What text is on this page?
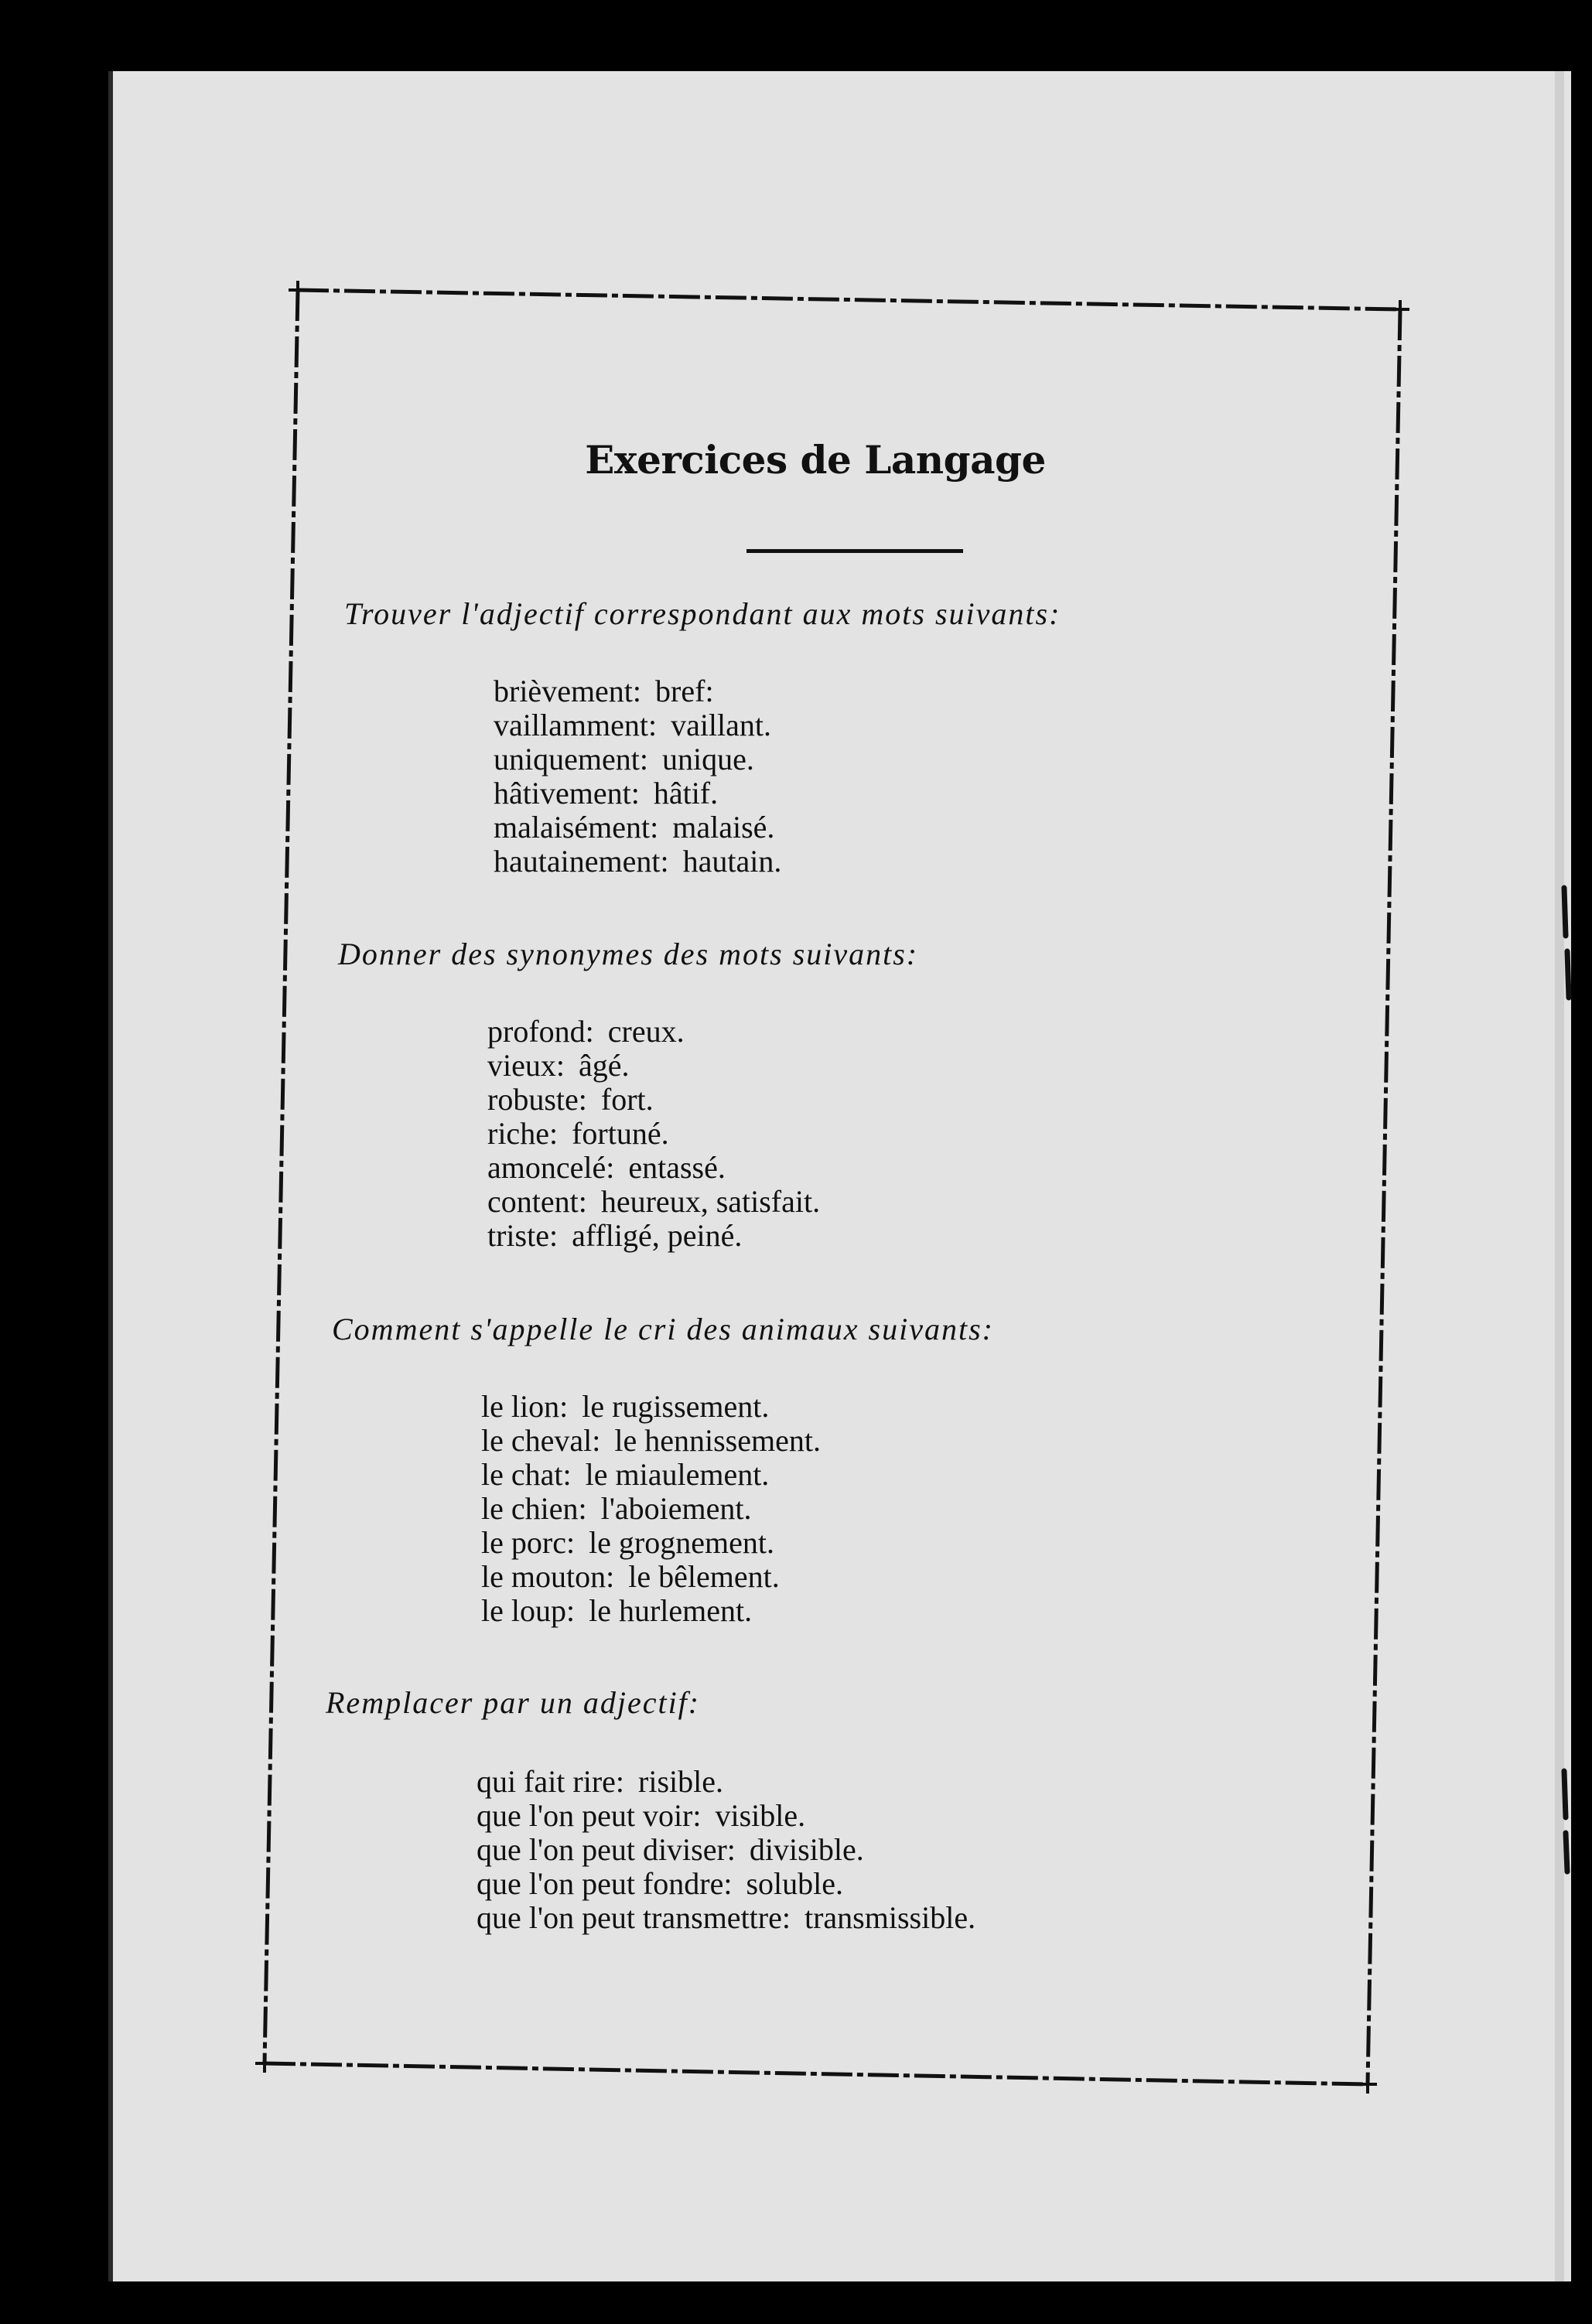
Exercices de Langage

Trouver l'adjectif correspondant aux mots suivants:

brièvement: bref:
vaillamment: vaillant.
uniquement: unique.
hâtivement: hâtif.
malaisément: malaisé.
hautainement: hautain.

Donner des synonymes des mots suivants:

profond: creux.
vieux: âgé.
robuste: fort.
riche: fortuné.
amoncelé: entassé.
content: heureux, satisfait.
triste: affligé, peiné.

Comment s'appelle le cri des animaux suivants:

le lion: le rugissement.
le cheval: le hennissement.
le chat: le miaulement.
le chien: l'aboiement.
le porc: le grognement.
le mouton: le bêlement.
le loup: le hurlement.

Remplacer par un adjectif:

qui fait rire: risible.
que l'on peut voir: visible.
que l'on peut diviser: divisible.
que l'on peut fondre: soluble.
que l'on peut transmettre: transmissible.
